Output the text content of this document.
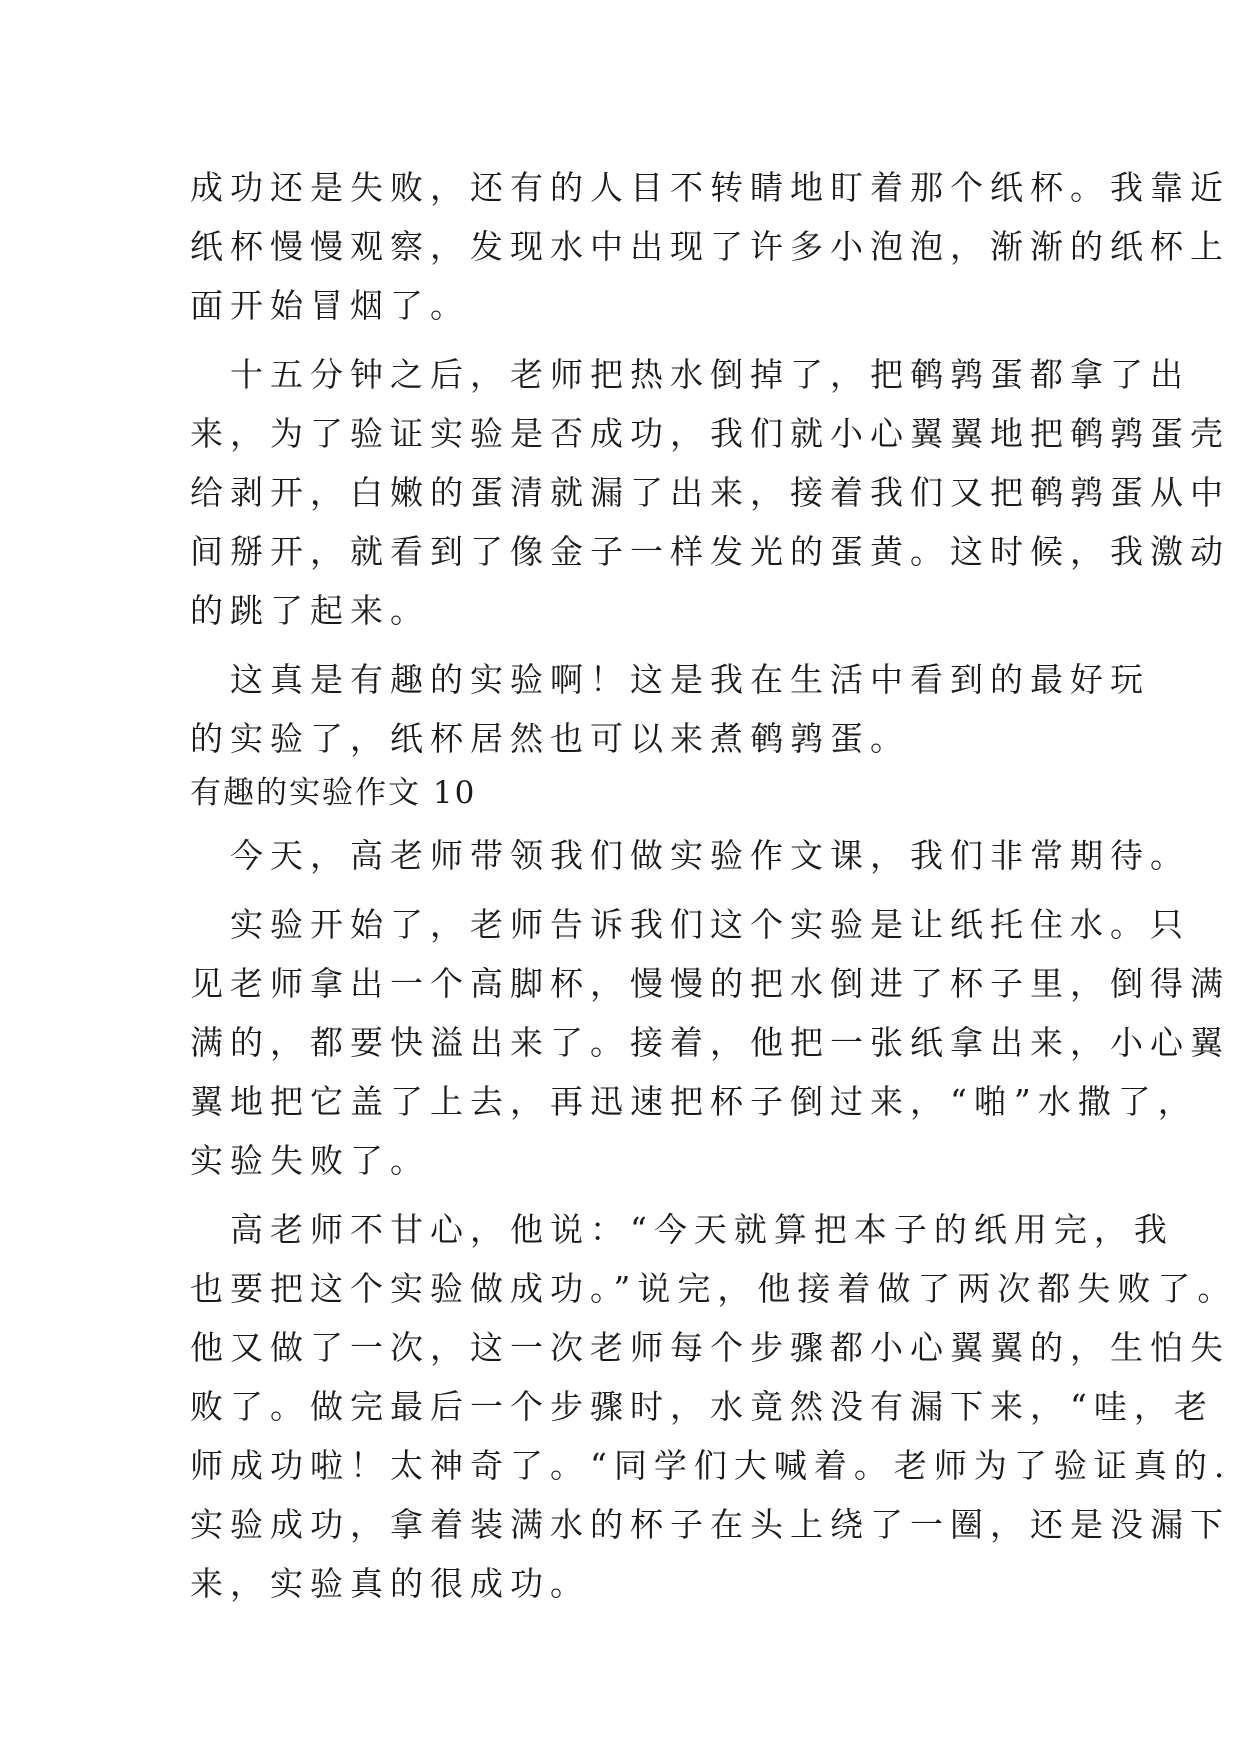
成功还是失败，还有的人目不转睛地盯着那个纸杯。我靠近
纸杯慢慢观察，发现水中出现了许多小泡泡，渐渐的纸杯上
面开始冒烟了。
　十五分钟之后，老师把热水倒掉了，把鹌鹑蛋都拿了出
来，为了验证实验是否成功，我们就小心翼翼地把鹌鹑蛋壳
给剥开，白嫩的蛋清就漏了出来，接着我们又把鹌鹑蛋从中
间掰开，就看到了像金子一样发光的蛋黄。这时候，我激动
的跳了起来。
　这真是有趣的实验啊！这是我在生活中看到的最好玩
的实验了，纸杯居然也可以来煮鹌鹑蛋。
有趣的实验作文 10
　今天，高老师带领我们做实验作文课，我们非常期待。
　实验开始了，老师告诉我们这个实验是让纸托住水。只
见老师拿出一个高脚杯，慢慢的把水倒进了杯子里，倒得满
满的，都要快溢出来了。接着，他把一张纸拿出来，小心翼
翼地把它盖了上去，再迅速把杯子倒过来，“啪”水撒了，
实验失败了。
　高老师不甘心，他说：“今天就算把本子的纸用完，我
也要把这个实验做成功。”说完，他接着做了两次都失败了。
他又做了一次，这一次老师每个步骤都小心翼翼的，生怕失
败了。做完最后一个步骤时，水竟然没有漏下来，“哇，老
师成功啦！太神奇了。“同学们大喊着。老师为了验证真的.
实验成功，拿着装满水的杯子在头上绕了一圈，还是没漏下
来，实验真的很成功。
